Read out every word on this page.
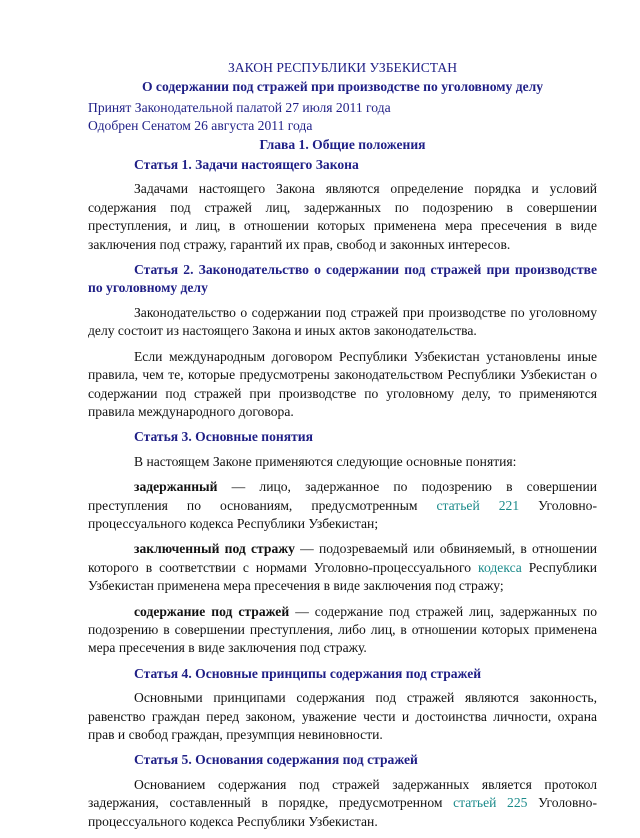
ЗАКОН РЕСПУБЛИКИ УЗБЕКИСТАН
О содержании под стражей при производстве по уголовному делу
Принят Законодательной палатой 27 июля 2011 года
Одобрен Сенатом 26 августа 2011 года
Глава 1. Общие положения
Статья 1. Задачи настоящего Закона

Задачами настоящего Закона являются определение порядка и условий содержания под стражей лиц, задержанных по подозрению в совершении преступления, и лиц, в отношении которых применена мера пресечения в виде заключения под стражу, гарантий их прав, свобод и законных интересов.

Статья 2. Законодательство о содержании под стражей при производстве по уголовному делу

Законодательство о содержании под стражей при производстве по уголовному делу состоит из настоящего Закона и иных актов законодательства.

Если международным договором Республики Узбекистан установлены иные правила, чем те, которые предусмотрены законодательством Республики Узбекистан о содержании под стражей при производстве по уголовному делу, то применяются правила международного договора.

Статья 3. Основные понятия

В настоящем Законе применяются следующие основные понятия:

задержанный — лицо, задержанное по подозрению в совершении преступления по основаниям, предусмотренным статьей 221 Уголовно-процессуального кодекса Республики Узбекистан;

заключенный под стражу — подозреваемый или обвиняемый, в отношении которого в соответствии с нормами Уголовно-процессуального кодекса Республики Узбекистан применена мера пресечения в виде заключения под стражу;

содержание под стражей — содержание под стражей лиц, задержанных по подозрению в совершении преступления, либо лиц, в отношении которых применена мера пресечения в виде заключения под стражу.

Статья 4. Основные принципы содержания под стражей

Основными принципами содержания под стражей являются законность, равенство граждан перед законом, уважение чести и достоинства личности, охрана прав и свобод граждан, презумпция невиновности.

Статья 5. Основания содержания под стражей

Основанием содержания под стражей задержанных является протокол задержания, составленный в порядке, предусмотренном статьей 225 Уголовно-процессуального кодекса Республики Узбекистан.
